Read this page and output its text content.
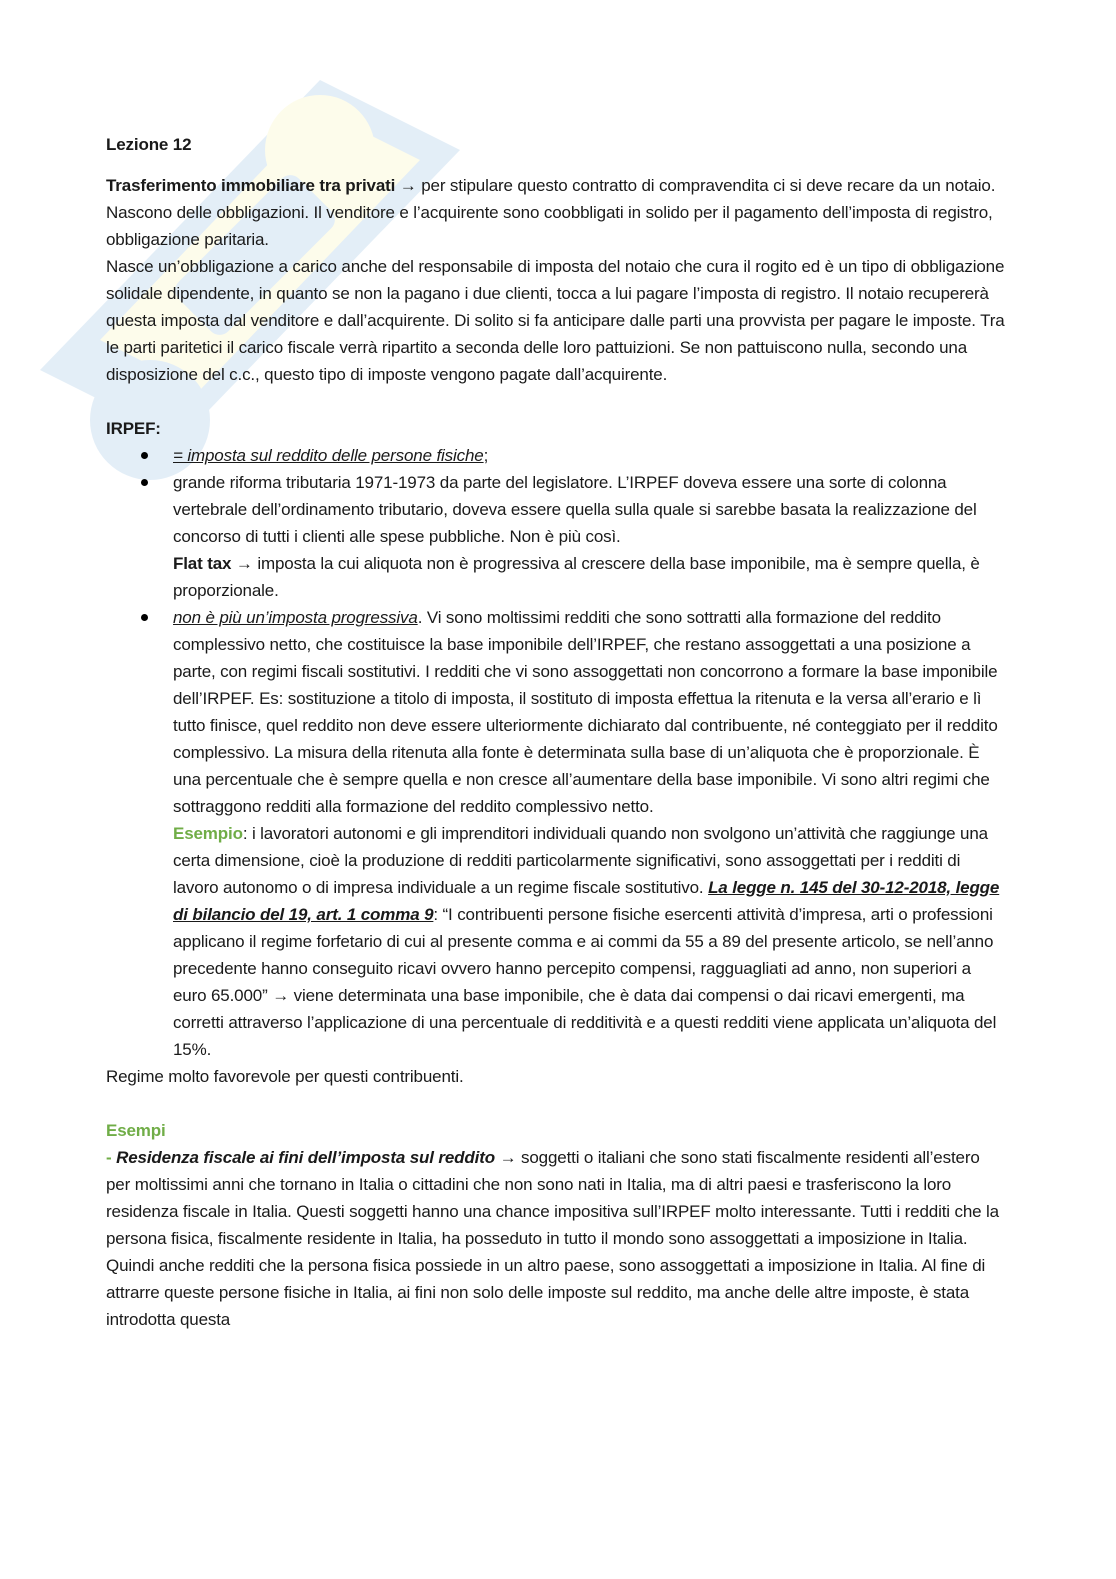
Lezione 12

Trasferimento immobiliare tra privati → per stipulare questo contratto di compravendita ci si deve recare da un notaio. Nascono delle obbligazioni. Il venditore e l’acquirente sono coobbligati in solido per il pagamento dell’imposta di registro, obbligazione paritaria.

Nasce un’obbligazione a carico anche del responsabile di imposta del notaio che cura il rogito ed è un tipo di obbligazione solidale dipendente, in quanto se non la pagano i due clienti, tocca a lui pagare l’imposta di registro. Il notaio recupererà questa imposta dal venditore e dall’acquirente. Di solito si fa anticipare dalle parti una provvista per pagare le imposte. Tra le parti paritetici il carico fiscale verrà ripartito a seconda delle loro pattuizioni. Se non pattuiscono nulla, secondo una disposizione del c.c., questo tipo di imposte vengono pagate dall’acquirente.

IRPEF:

= imposta sul reddito delle persone fisiche;
grande riforma tributaria 1971-1973 da parte del legislatore. L’IRPEF doveva essere una sorte di colonna vertebrale dell’ordinamento tributario, doveva essere quella sulla quale si sarebbe basata la realizzazione del concorso di tutti i clienti alle spese pubbliche. Non è più così.
Flat tax → imposta la cui aliquota non è progressiva al crescere della base imponibile, ma è sempre quella, è proporzionale.
non è più un’imposta progressiva. Vi sono moltissimi redditi che sono sottratti alla formazione del reddito complessivo netto, che costituisce la base imponibile dell’IRPEF, che restano assoggettati a una posizione a parte, con regimi fiscali sostitutivi. I redditi che vi sono assoggettati non concorrono a formare la base imponibile dell’IRPEF. Es: sostituzione a titolo di imposta, il sostituto di imposta effettua la ritenuta e la versa all’erario e lì tutto finisce, quel reddito non deve essere ulteriormente dichiarato dal contribuente, né conteggiato per il reddito complessivo. La misura della ritenuta alla fonte è determinata sulla base di un’aliquota che è proporzionale. È una percentuale che è sempre quella e non cresce all’aumentare della base imponibile. Vi sono altri regimi che sottraggono redditi alla formazione del reddito complessivo netto.
Esempio: i lavoratori autonomi e gli imprenditori individuali quando non svolgono un’attività che raggiunge una certa dimensione, cioè la produzione di redditi particolarmente significativi, sono assoggettati per i redditi di lavoro autonomo o di impresa individuale a un regime fiscale sostitutivo. La legge n. 145 del 30-12-2018, legge di bilancio del 19, art. 1 comma 9: “I contribuenti persone fisiche esercenti attività d’impresa, arti o professioni applicano il regime forfetario di cui al presente comma e ai commi da 55 a 89 del presente articolo, se nell’anno precedente hanno conseguito ricavi ovvero hanno percepito compensi, ragguagliati ad anno, non superiori a euro 65.000” → viene determinata una base imponibile, che è data dai compensi o dai ricavi emergenti, ma corretti attraverso l’applicazione di una percentuale di redditività e a questi redditi viene applicata un’aliquota del 15%.

Regime molto favorevole per questi contribuenti.

Esempi

- Residenza fiscale ai fini dell’imposta sul reddito → soggetti o italiani che sono stati fiscalmente residenti all’estero per moltissimi anni che tornano in Italia o cittadini che non sono nati in Italia, ma di altri paesi e trasferiscono la loro residenza fiscale in Italia. Questi soggetti hanno una chance impositiva sull’IRPEF molto interessante. Tutti i redditi che la persona fisica, fiscalmente residente in Italia, ha posseduto in tutto il mondo sono assoggettati a imposizione in Italia. Quindi anche redditi che la persona fisica possiede in un altro paese, sono assoggettati a imposizione in Italia. Al fine di attrarre queste persone fisiche in Italia, ai fini non solo delle imposte sul reddito, ma anche delle altre imposte, è stata introdotta questa
